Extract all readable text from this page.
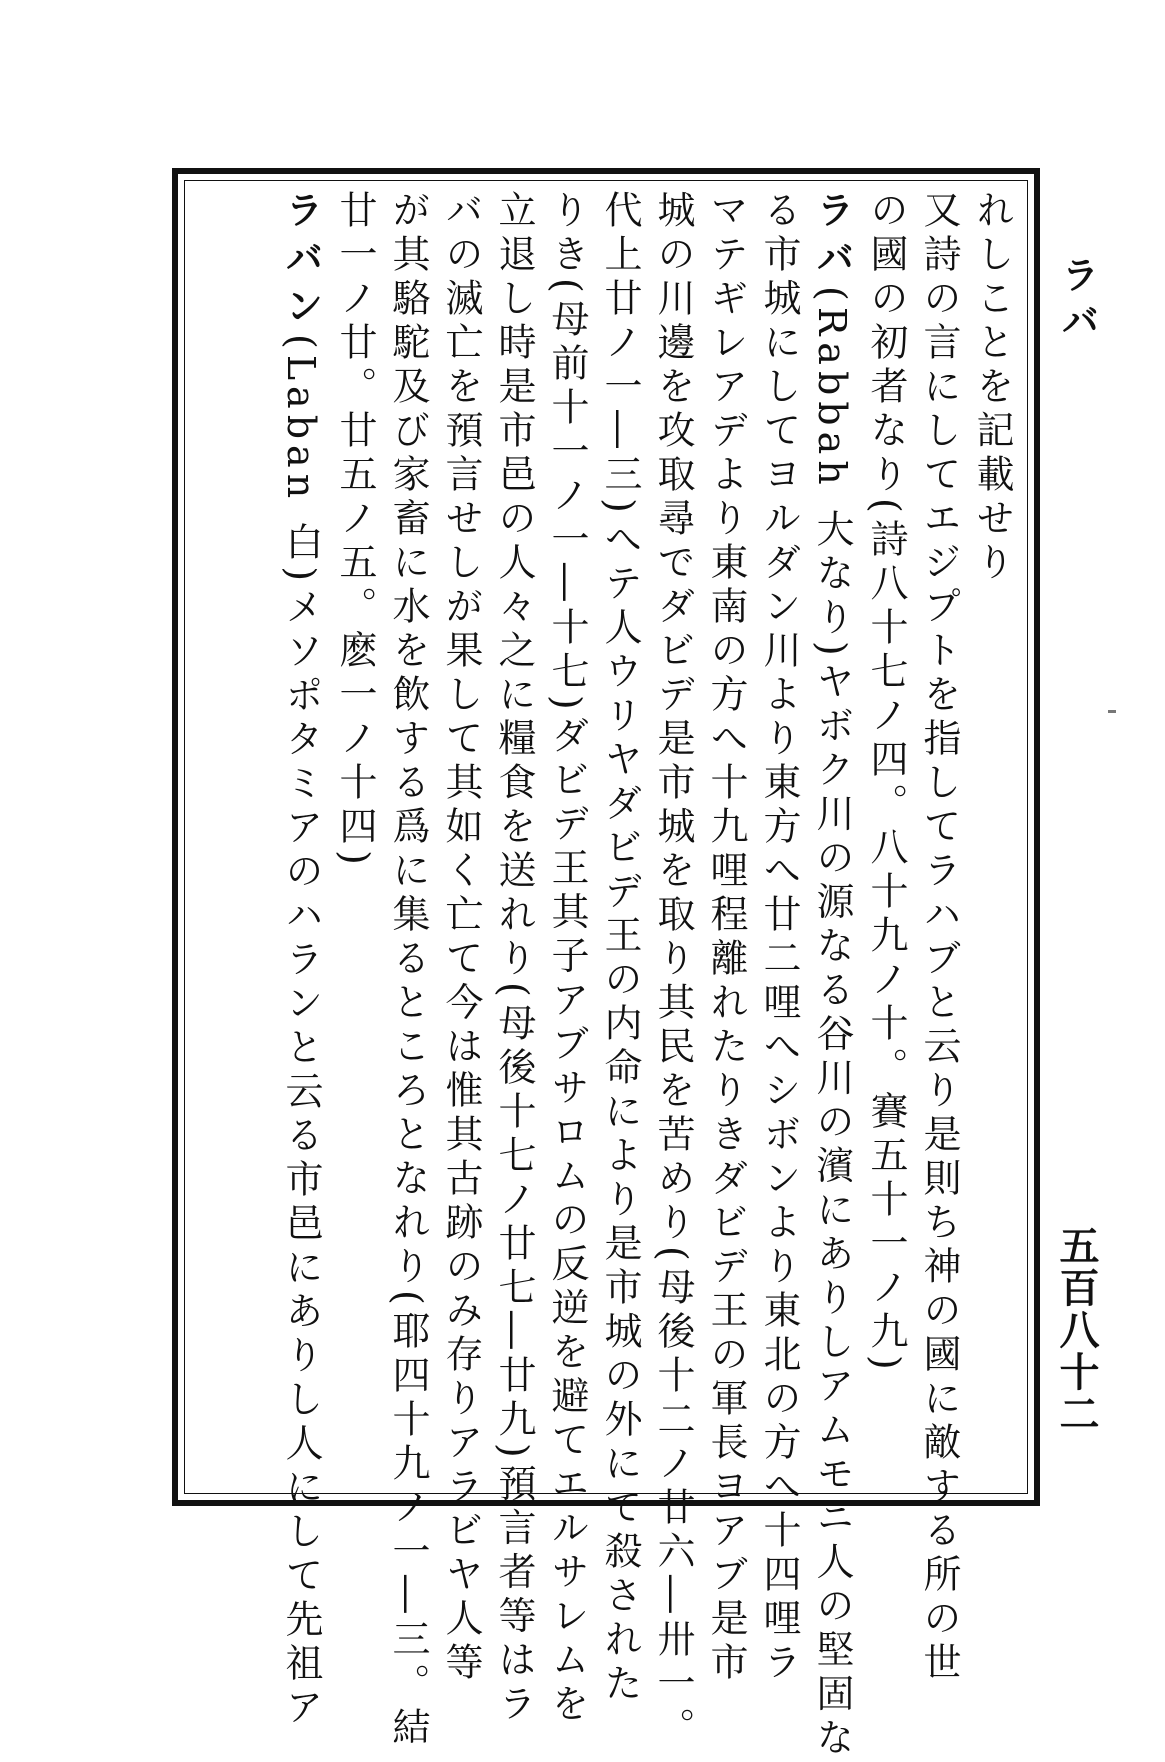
ラバ
五百八十二
れしことを記載せり
又詩の言にしてエジプトを指してラハブと云り是則ち神の國に敵する所の世
の國の初者なり(詩八十七ノ四。八十九ノ十。賽五十一ノ九)
ラバ(Rabbah 大なり)ヤボク川の源なる谷川の濱にありしアムモニ人の堅固な
る市城にしてヨルダン川より東方へ廿二哩へシボンより東北の方へ十四哩ラ
マテギレアデより東南の方へ十九哩程離れたりきダビデ王の軍長ヨアブ是市
城の川邊を攻取尋でダビデ是市城を取り其民を苦めり(母後十二ノ廿六―卅一。
代上廿ノ一―三)へテ人ウリヤダビデ王の内命により是市城の外にて殺された
りき(母前十一ノ一―十七)ダビデ王其子アブサロムの反逆を避てエルサレムを
立退し時是市邑の人々之に糧食を送れり(母後十七ノ廿七―廿九)預言者等はラ
バの滅亡を預言せしが果して其如く亡て今は惟其古跡のみ存りアラビヤ人等
が其駱駝及び家畜に水を飲する爲に集るところとなれり(耶四十九ノ一―三。結
廿一ノ廿。廿五ノ五。麽一ノ十四)
ラバン(Laban 白)メソポタミアのハランと云る市邑にありし人にして先祖ア
